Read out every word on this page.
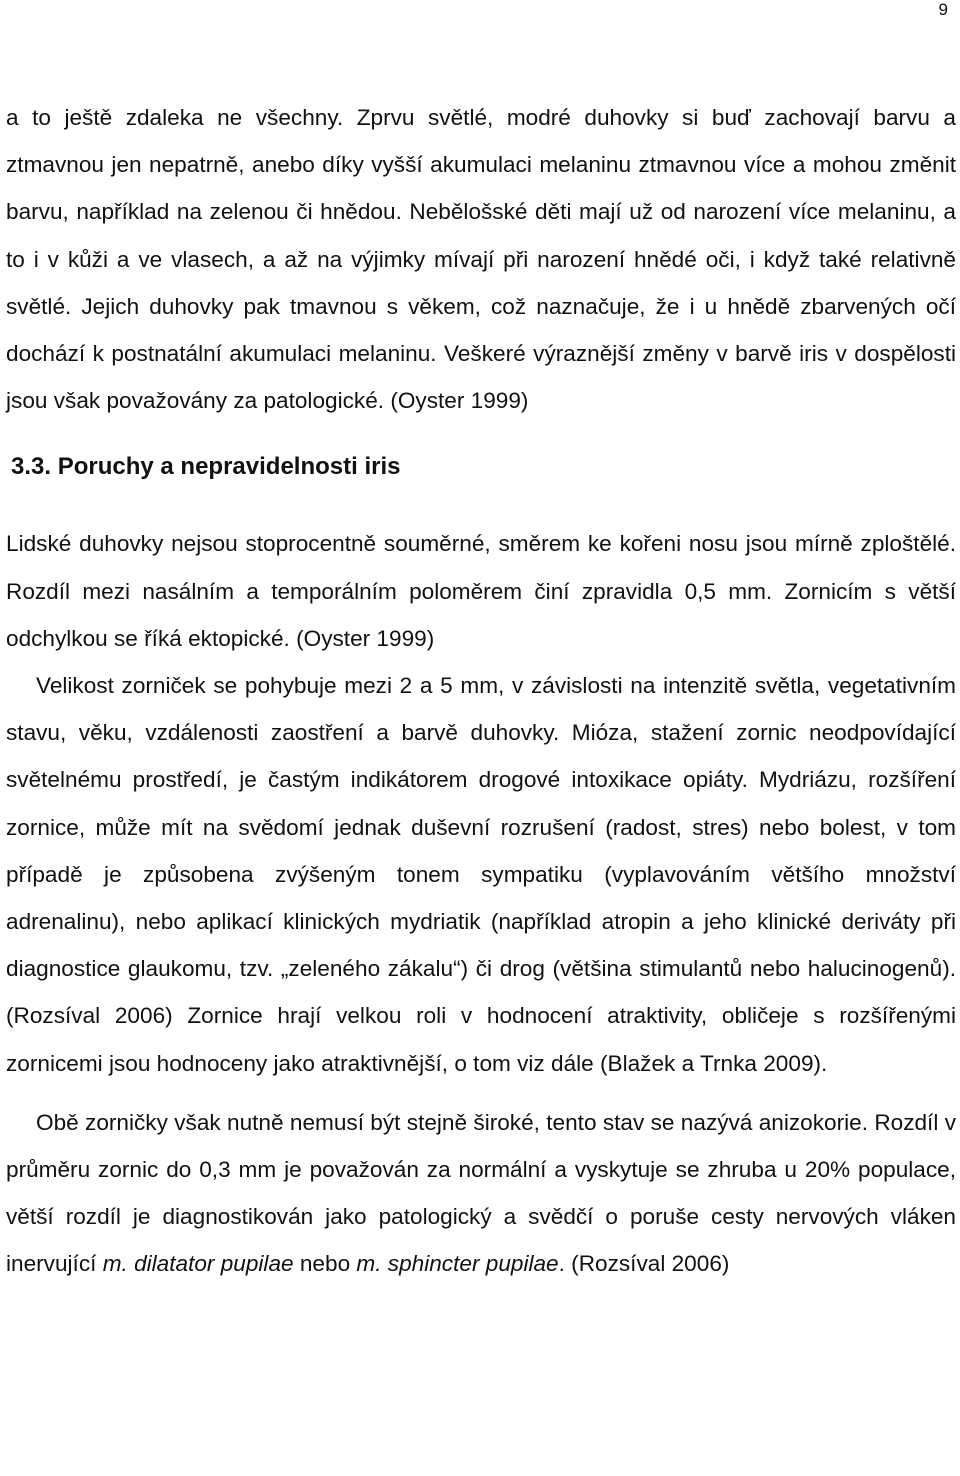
9

a to ještě zdaleka ne všechny. Zprvu světlé, modré duhovky si buď zachovají barvu a ztmavnou jen nepatrně, anebo díky vyšší akumulaci melaninu ztmavnou více a mohou změnit barvu, například na zelenou či hnědou. Nebělošské děti mají už od narození více melaninu, a to i v kůži a ve vlasech, a až na výjimky mívají při narození hnědé oči, i když také relativně světlé. Jejich duhovky pak tmavnou s věkem, což naznačuje, že i u hnědě zbarvených očí dochází k postnatální akumulaci melaninu. Veškeré výraznější změny v barvě iris v dospělosti jsou však považovány za patologické. (Oyster 1999)

3.3. Poruchy a nepravidelnosti iris

Lidské duhovky nejsou stoprocentně souměrné, směrem ke kořeni nosu jsou mírně zploštělé. Rozdíl mezi nasálním a temporálním poloměrem činí zpravidla 0,5 mm. Zornicím s větší odchylkou se říká ektopické. (Oyster 1999)

Velikost zorniček se pohybuje mezi 2 a 5 mm, v závislosti na intenzitě světla, vegetativním stavu, věku, vzdálenosti zaostření a barvě duhovky. Mióza, stažení zornic neodpovídající světelnému prostředí, je častým indikátorem drogové intoxikace opiáty. Mydriázu, rozšíření zornice, může mít na svědomí jednak duševní rozrušení (radost, stres) nebo bolest, v tom případě je způsobena zvýšeným tonem sympatiku (vyplavováním většího množství adrenalinu), nebo aplikací klinických mydriatik (například atropin a jeho klinické deriváty při diagnostice glaukomu, tzv. „zeleného zákalu“) či drog (většina stimulantů nebo halucinogenů). (Rozsíval 2006) Zornice hrají velkou roli v hodnocení atraktivity, obličeje s rozšířenými zornicemi jsou hodnoceny jako atraktivnější, o tom viz dále (Blažek a Trnka 2009).

Obě zorničky však nutně nemusí být stejně široké, tento stav se nazývá anizokorie. Rozdíl v průměru zornic do 0,3 mm je považován za normální a vyskytuje se zhruba u 20% populace, větší rozdíl je diagnostikován jako patologický a svědčí o poruše cesty nervových vláken inervující m. dilatator pupilae nebo m. sphincter pupilae. (Rozsíval 2006)
